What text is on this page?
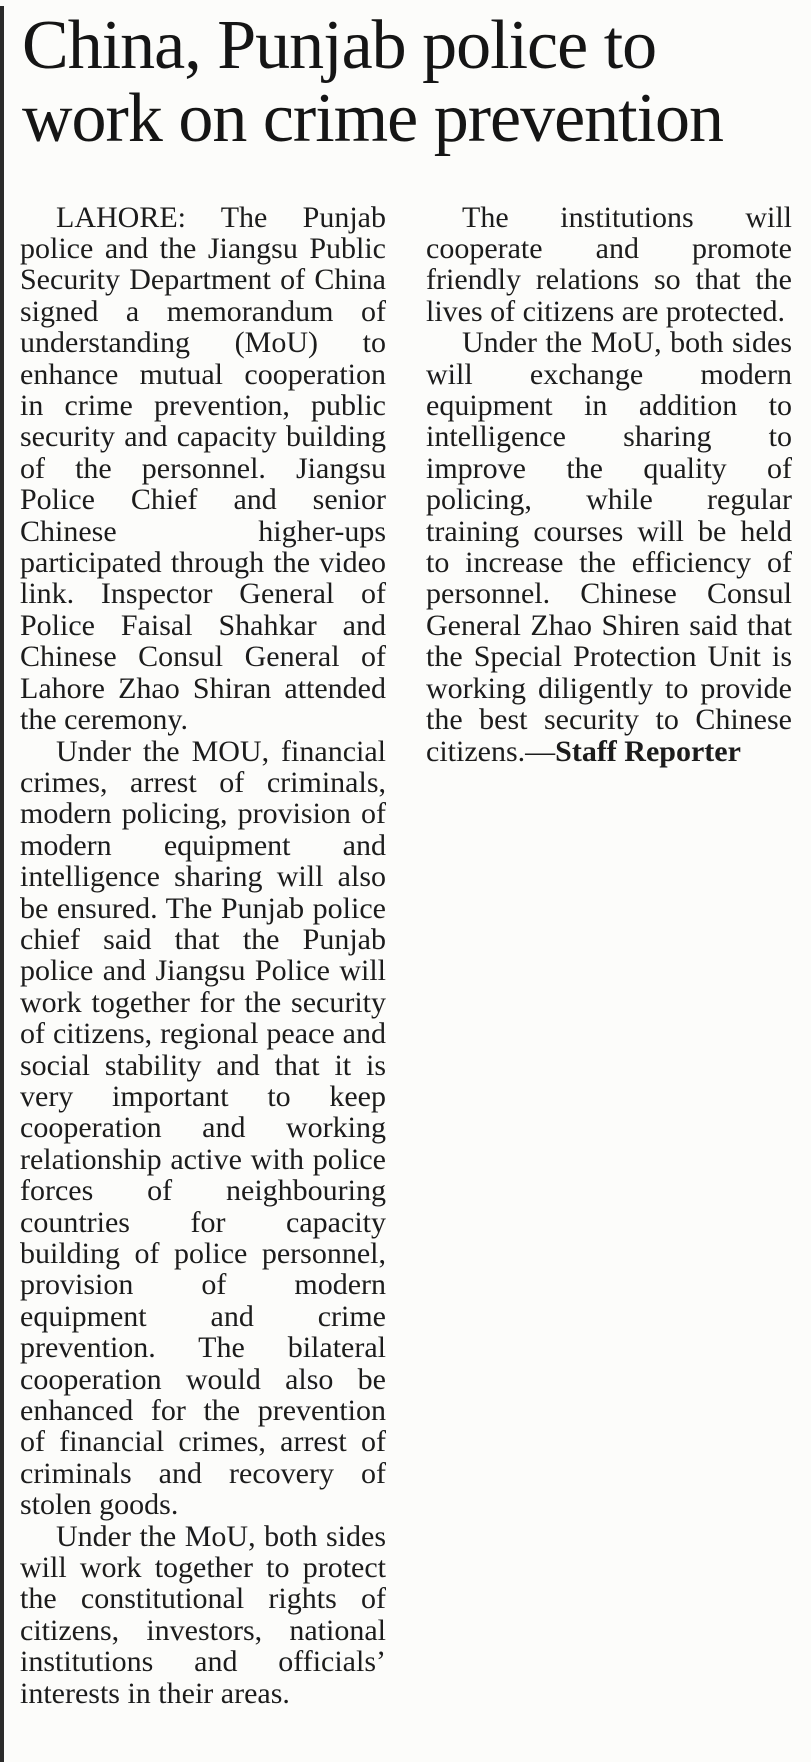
China, Punjab police to work on crime prevention

LAHORE: The Punjab police and the Jiangsu Public Security Department of China signed a memorandum of understanding (MoU) to enhance mutual cooperation in crime prevention, public security and capacity building of the personnel. Jiangsu Police Chief and senior Chinese higher-ups participated through the video link. Inspector General of Police Faisal Shahkar and Chinese Consul General of Lahore Zhao Shiran attended the ceremony.

Under the MOU, financial crimes, arrest of criminals, modern policing, provision of modern equipment and intelligence sharing will also be ensured. The Punjab police chief said that the Punjab police and Jiangsu Police will work together for the security of citizens, regional peace and social stability and that it is very important to keep cooperation and working relationship active with police forces of neighbouring countries for capacity building of police personnel, provision of modern equipment and crime prevention. The bilateral cooperation would also be enhanced for the prevention of financial crimes, arrest of criminals and recovery of stolen goods.

Under the MoU, both sides will work together to protect the constitutional rights of citizens, investors, national institutions and officials’ interests in their areas.

The institutions will cooperate and promote friendly relations so that the lives of citizens are protected.

Under the MoU, both sides will exchange modern equipment in addition to intelligence sharing to improve the quality of policing, while regular training courses will be held to increase the efficiency of personnel. Chinese Consul General Zhao Shiren said that the Special Protection Unit is working diligently to provide the best security to Chinese citizens.—Staff Reporter
